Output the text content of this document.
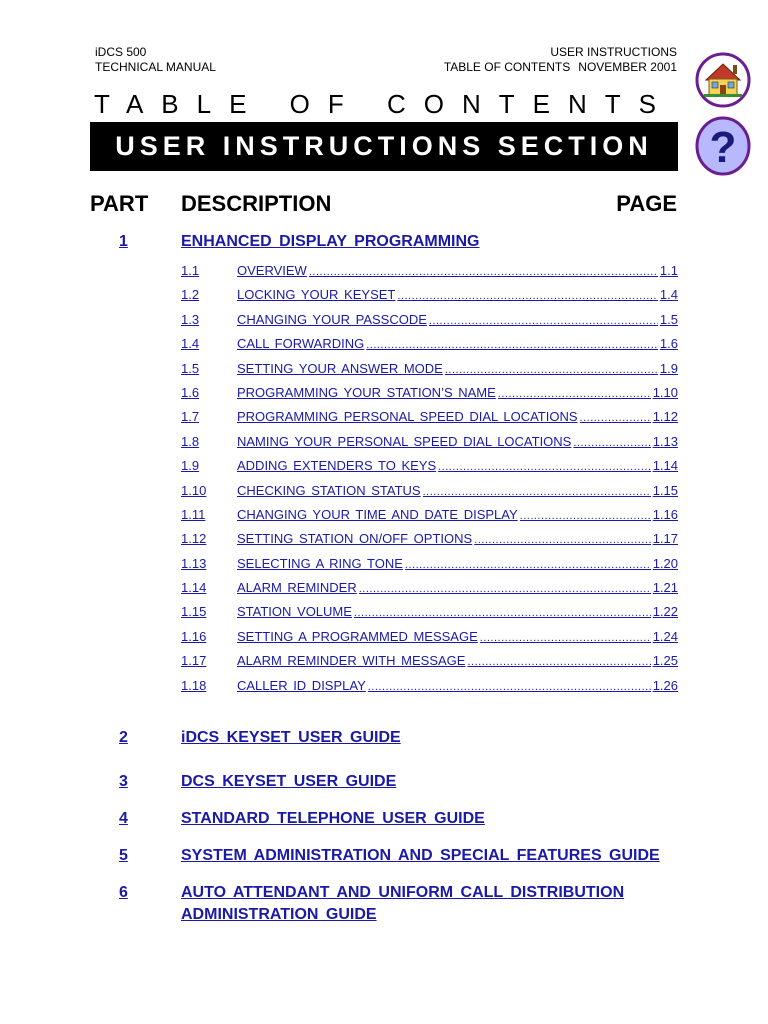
iDCS 500
TECHNICAL MANUAL
USER INSTRUCTIONS
TABLE OF CONTENTS NOVEMBER 2001
?
TABLE OF CONTENTS
USER INSTRUCTIONS SECTION
PART DESCRIPTION	PAGE
1	ENHANCED DISPLAY PROGRAMMING
1.1	OVERVIEW .....	1.1
1.2	LOCKING YOUR KEYSET .....	1.4
1.3	CHANGING YOUR PASSCODE .....	1.5
1.4	CALL FORWARDING .....	1.6
1.5	SETTING YOUR ANSWER MODE .....	1.9
1.6	PROGRAMMING YOUR STATION’S NAME .....	1.10
1.7	PROGRAMMING PERSONAL SPEED DIAL LOCATIONS .....	1.12
1.8	NAMING YOUR PERSONAL SPEED DIAL LOCATIONS .....	1.13
1.9	ADDING EXTENDERS TO KEYS .....	1.14
1.10	CHECKING STATION STATUS .....	1.15
1.11	CHANGING YOUR TIME AND DATE DISPLAY .....	1.16
1.12	SETTING STATION ON/OFF OPTIONS .....	1.17
1.13	SELECTING A RING TONE .....	1.20
1.14	ALARM REMINDER .....	1.21
1.15	STATION VOLUME .....	1.22
1.16	SETTING A PROGRAMMED MESSAGE .....	1.24
1.17	ALARM REMINDER WITH MESSAGE .....	1.25
1.18	CALLER ID DISPLAY .....	1.26
2	iDCS KEYSET USER GUIDE
3	DCS KEYSET USER GUIDE
4	STANDARD TELEPHONE USER GUIDE
5	SYSTEM ADMINISTRATION AND SPECIAL FEATURES GUIDE
6	AUTO ATTENDANT AND UNIFORM CALL DISTRIBUTION ADMINISTRATION GUIDE
